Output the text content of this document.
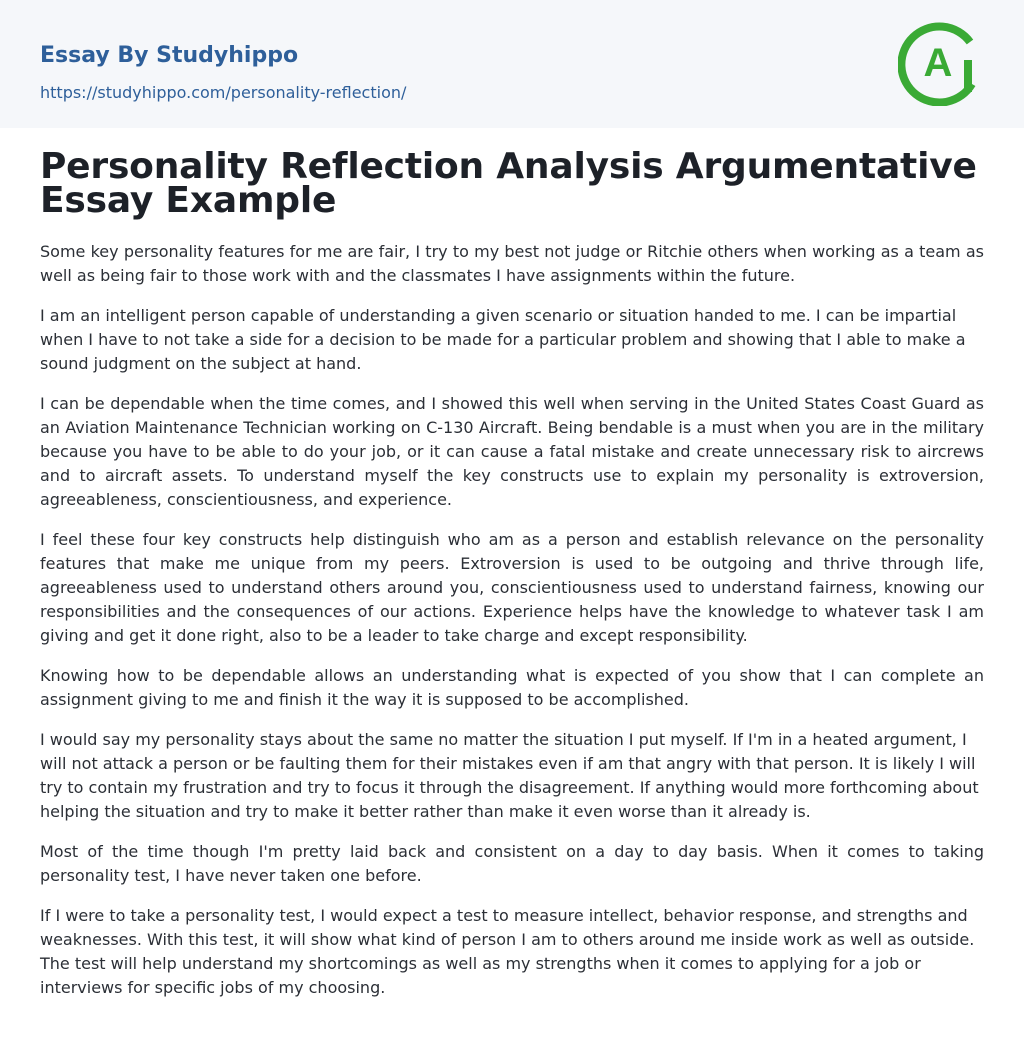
Essay By Studyhippo
https://studyhippo.com/personality-reflection/
A
Personality Reflection Analysis Argumentative Essay Example

Some key personality features for me are fair, I try to my best not judge or Ritchie others when working as a team as well as being fair to those work with and the classmates I have assignments within the future.

I am an intelligent person capable of understanding a given scenario or situation handed to me. I can be impartial when I have to not take a side for a decision to be made for a particular problem and showing that I able to make a sound judgment on the subject at hand.

I can be dependable when the time comes, and I showed this well when serving in the United States Coast Guard as an Aviation Maintenance Technician working on C-130 Aircraft. Being bendable is a must when you are in the military because you have to be able to do your job, or it can cause a fatal mistake and create unnecessary risk to aircrews and to aircraft assets. To understand myself the key constructs use to explain my personality is extroversion, agreeableness, conscientiousness, and experience.

I feel these four key constructs help distinguish who am as a person and establish relevance on the personality features that make me unique from my peers. Extroversion is used to be outgoing and thrive through life, agreeableness used to understand others around you, conscientiousness used to understand fairness, knowing our responsibilities and the consequences of our actions. Experience helps have the knowledge to whatever task I am giving and get it done right, also to be a leader to take charge and except responsibility.

Knowing how to be dependable allows an understanding what is expected of you show that I can complete an assignment giving to me and finish it the way it is supposed to be accomplished.

I would say my personality stays about the same no matter the situation I put myself. If I'm in a heated argument, I will not attack a person or be faulting them for their mistakes even if am that angry with that person. It is likely I will try to contain my frustration and try to focus it through the disagreement. If anything would more forthcoming about helping the situation and try to make it better rather than make it even worse than it already is.

Most of the time though I'm pretty laid back and consistent on a day to day basis. When it comes to taking personality test, I have never taken one before.

If I were to take a personality test, I would expect a test to measure intellect, behavior response, and strengths and weaknesses. With this test, it will show what kind of person I am to others around me inside work as well as outside. The test will help understand my shortcomings as well as my strengths when it comes to applying for a job or interviews for specific jobs of my choosing.
